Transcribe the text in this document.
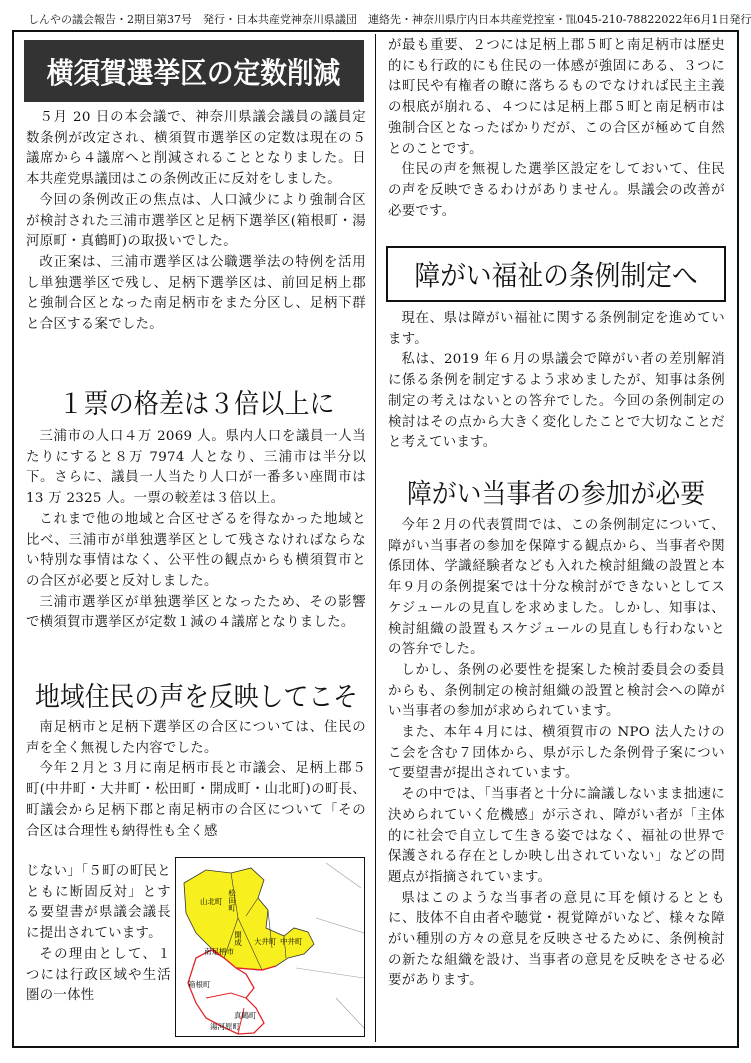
しんやの議会報告・2期目第37号　発行・日本共産党神奈川県議団　連絡先・神奈川県庁内日本共産党控室・℡045-210-7882 2022年6月1日発行
横須賀選挙区の定数削減

５月 20 日の本会議で、神奈川県議会議員の議員定数条例が改定され、横須賀市選挙区の定数は現在の５議席から４議席へと削減されることとなりました。日本共産党県議団はこの条例改正に反対をしました。

今回の条例改正の焦点は、人口減少により強制合区が検討された三浦市選挙区と足柄下選挙区(箱根町・湯河原町・真鶴町)の取扱いでした。

改正案は、三浦市選挙区は公職選挙法の特例を活用し単独選挙区で残し、足柄下選挙区は、前回足柄上郡と強制合区となった南足柄市をまた分区し、足柄下群と合区する案でした。

１票の格差は３倍以上に

三浦市の人口４万 2069 人。県内人口を議員一人当たりにすると８万 7974 人となり、三浦市は半分以下。さらに、議員一人当たり人口が一番多い座間市は 13 万 2325 人。一票の較差は３倍以上。

これまで他の地域と合区せざるを得なかった地域と比べ、三浦市が単独選挙区として残さなければならない特別な事情はなく、公平性の観点からも横須賀市との合区が必要と反対しました。

三浦市選挙区が単独選挙区となったため、その影響で横須賀市選挙区が定数１減の４議席となりました。

地域住民の声を反映してこそ

南足柄市と足柄下選挙区の合区については、住民の声を全く無視した内容でした。

今年２月と３月に南足柄市長と市議会、足柄上郡５町(中井町・大井町・松田町・開成町・山北町)の町長、町議会から足柄下郡と南足柄市の合区について「その合区は合理性も納得性も全く感

じない」「５町の町民とともに断固反対」とする要望書が県議会議長に提出されています。

その理由として、１つには行政区域や生活圏の一体性

山北町 松田町
開成 大井町 中井町
南足柄市
箱根町
真鶴町
湯河原町

が最も重要、２つには足柄上郡５町と南足柄市は歴史的にも行政的にも住民の一体感が強固にある、３つには町民や有権者の瞭に落ちるものでなければ民主主義の根底が崩れる、４つには足柄上郡５町と南足柄市は強制合区となったばかりだが、この合区が極めて自然とのことです。

住民の声を無視した選挙区設定をしておいて、住民の声を反映できるわけがありません。県議会の改善が必要です。

障がい福祉の条例制定へ

現在、県は障がい福祉に関する条例制定を進めています。

私は、2019 年６月の県議会で障がい者の差別解消に係る条例を制定するよう求めましたが、知事は条例制定の考えはないとの答弁でした。今回の条例制定の検討はその点から大きく変化したことで大切なことだと考えています。

障がい当事者の参加が必要

今年２月の代表質問では、この条例制定について、障がい当事者の参加を保障する観点から、当事者や関係団体、学識経験者なども入れた検討組織の設置と本年９月の条例提案では十分な検討ができないとしてスケジュールの見直しを求めました。しかし、知事は、検討組織の設置もスケジュールの見直しも行わないとの答弁でした。

しかし、条例の必要性を提案した検討委員会の委員からも、条例制定の検討組織の設置と検討会への障がい当事者の参加が求められています。

また、本年４月には、横須賀市の NPO 法人たけのこ会を含む７団体から、県が示した条例骨子案について要望書が提出されています。

その中では、「当事者と十分に論議しないまま拙速に決められていく危機感」が示され、障がい者が「主体的に社会で自立して生きる姿ではなく、福祉の世界で保護される存在としか映し出されていない」などの問題点が指摘されています。

県はこのような当事者の意見に耳を傾けるとともに、肢体不自由者や聴覚・視覚障がいなど、様々な障がい種別の方々の意見を反映させるために、条例検討の新たな組織を設け、当事者の意見を反映をさせる必要があります。
